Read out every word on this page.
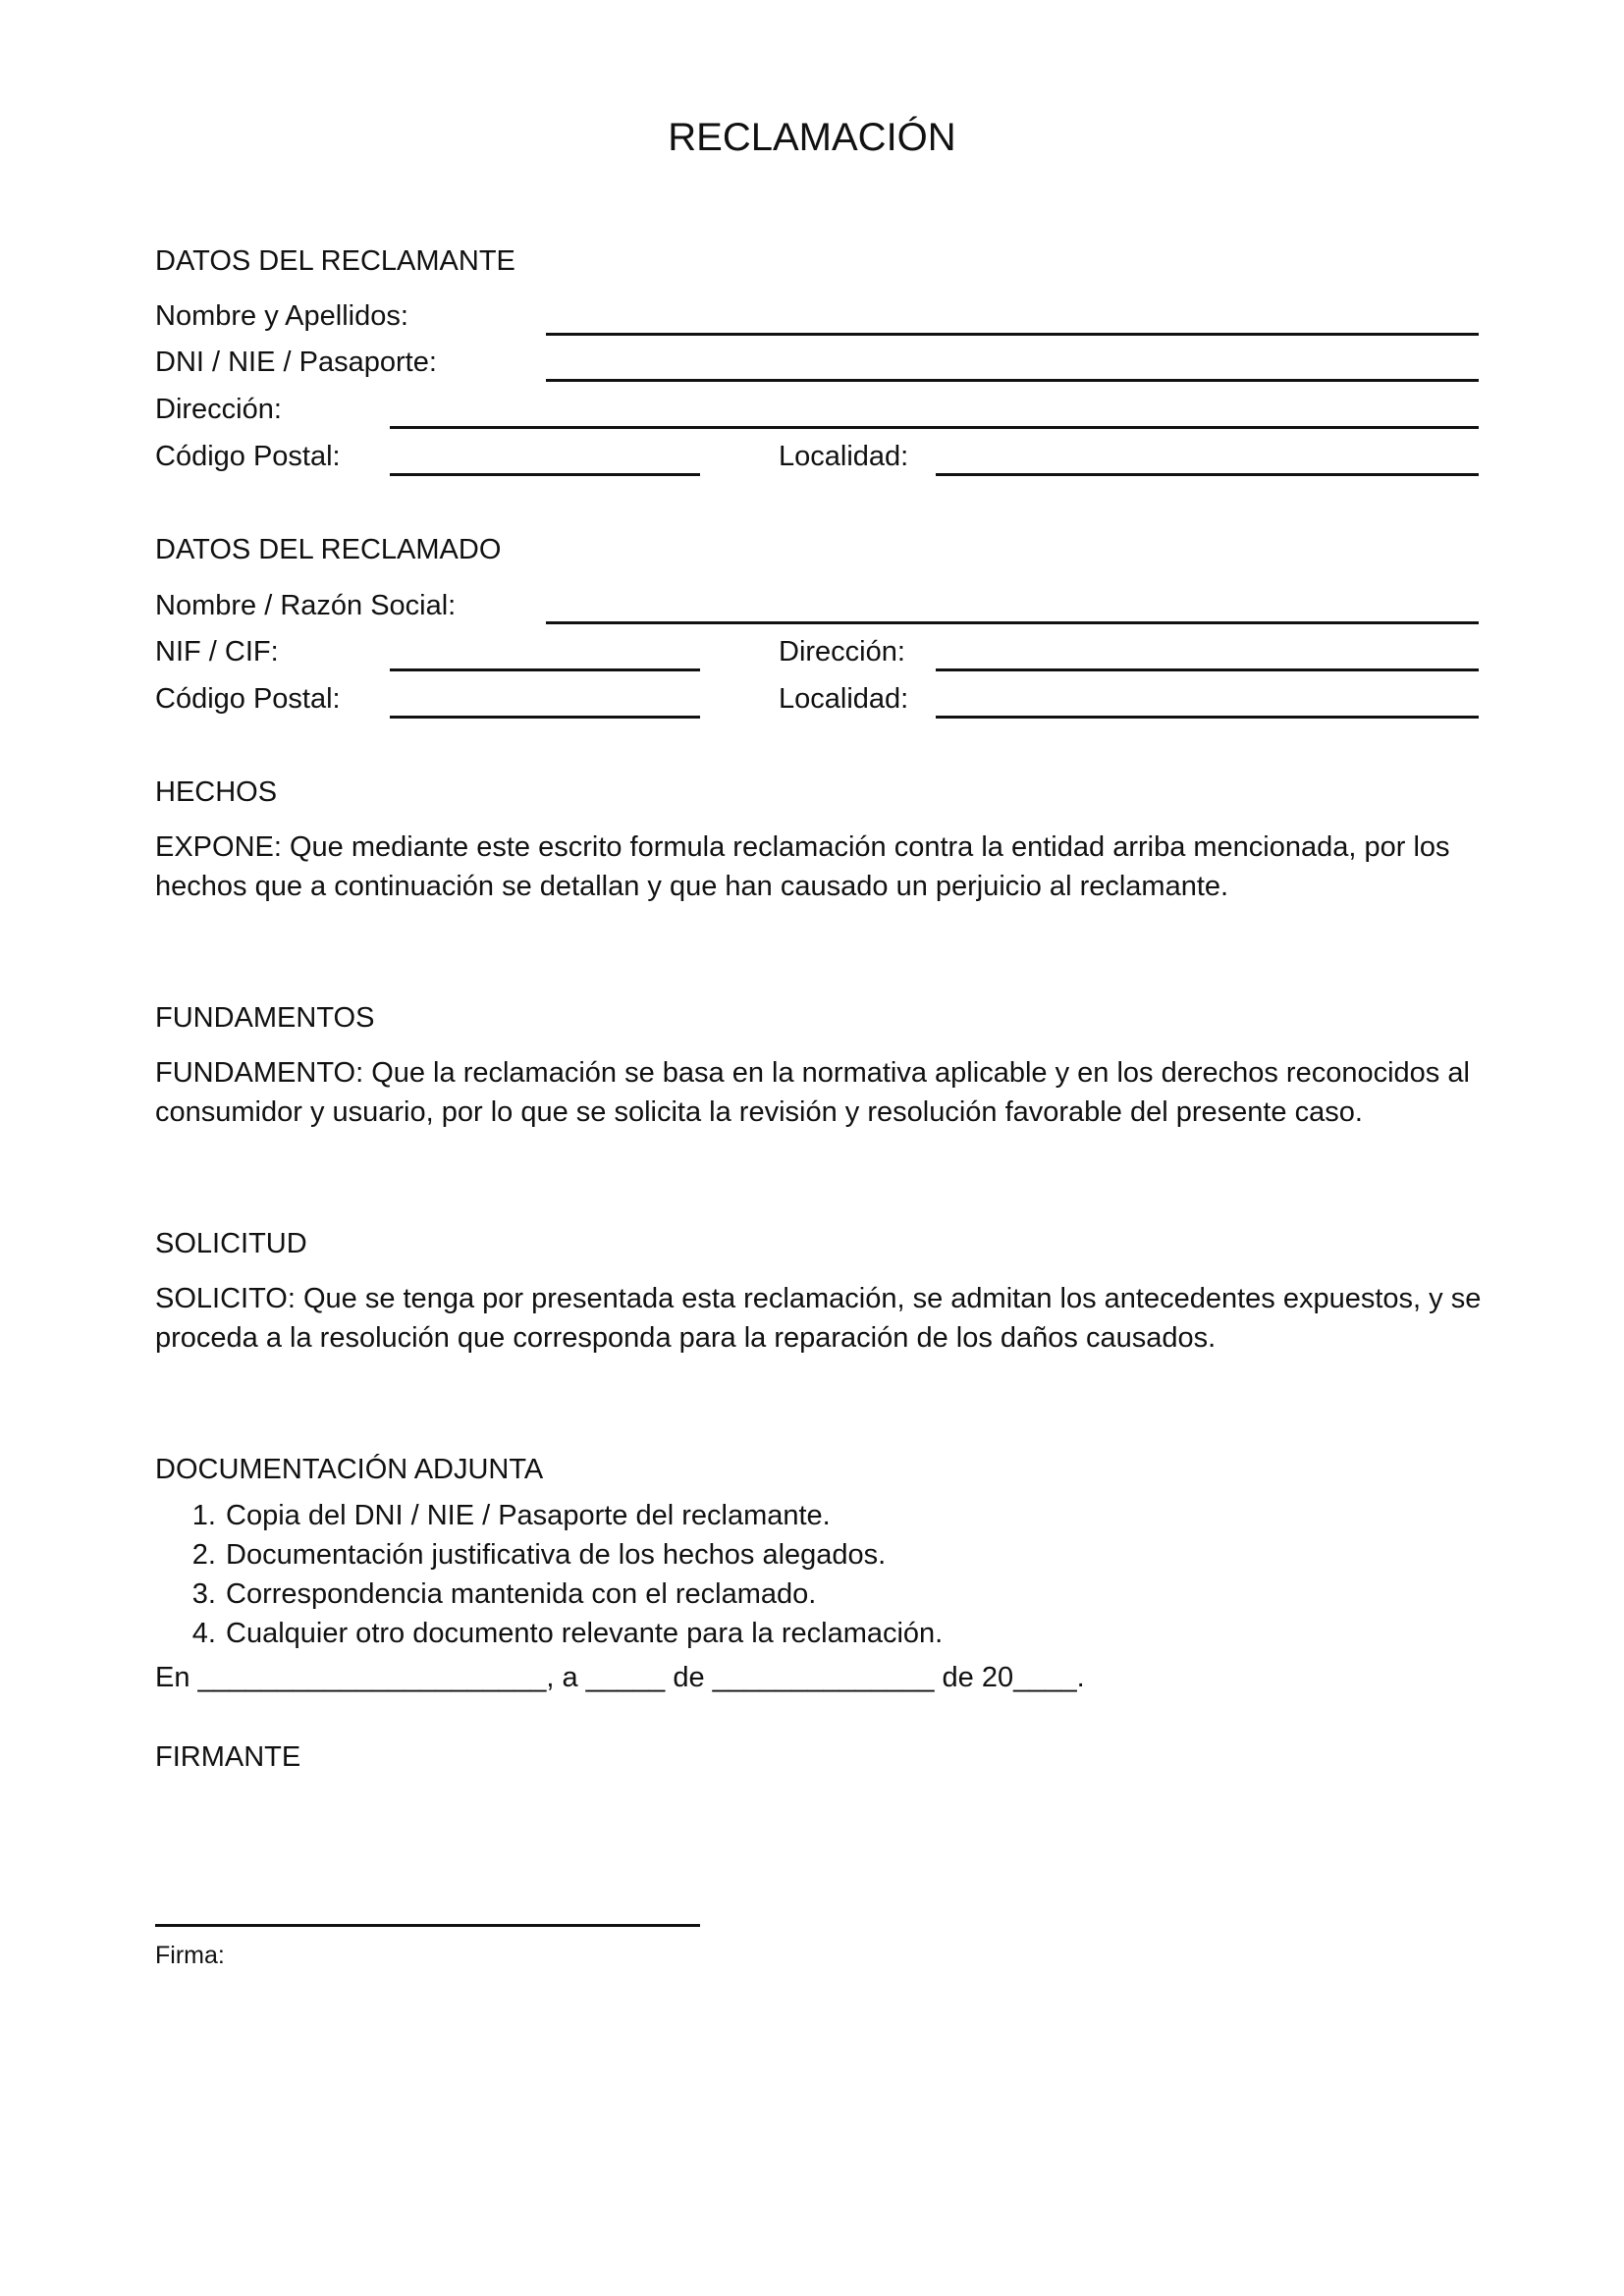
RECLAMACIÓN
DATOS DEL RECLAMANTE
Nombre y Apellidos:
DNI / NIE / Pasaporte:
Dirección:
Código Postal:	Localidad:
DATOS DEL RECLAMADO
Nombre / Razón Social:
NIF / CIF:	Dirección:
Código Postal:	Localidad:
HECHOS
EXPONE: Que mediante este escrito formula reclamación contra la entidad arriba mencionada, por los hechos que a continuación se detallan y que han causado un perjuicio al reclamante.
FUNDAMENTOS
FUNDAMENTO: Que la reclamación se basa en la normativa aplicable y en los derechos reconocidos al consumidor y usuario, por lo que se solicita la revisión y resolución favorable del presente caso.
SOLICITUD
SOLICITO: Que se tenga por presentada esta reclamación, se admitan los antecedentes expuestos, y se proceda a la resolución que corresponda para la reparación de los daños causados.
DOCUMENTACIÓN ADJUNTA
1. Copia del DNI / NIE / Pasaporte del reclamante.
2. Documentación justificativa de los hechos alegados.
3. Correspondencia mantenida con el reclamado.
4. Cualquier otro documento relevante para la reclamación.
En ______________________, a _____ de ______________ de 20____.
FIRMANTE
Firma:
